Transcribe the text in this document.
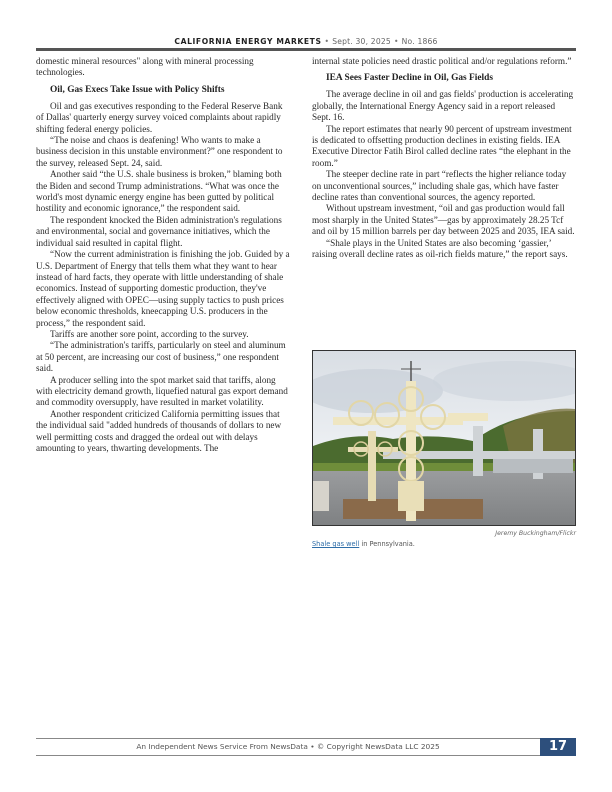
CALIFORNIA ENERGY MARKETS • Sept. 30, 2025 • No. 1866

domestic mineral resources" along with mineral processing technologies.

Oil, Gas Execs Take Issue with Policy Shifts

Oil and gas executives responding to the Federal Reserve Bank of Dallas' quarterly energy survey voiced complaints about rapidly shifting federal energy policies.

“The noise and chaos is deafening! Who wants to make a business decision in this unstable environment?” one respondent to the survey, released Sept. 24, said.

Another said “the U.S. shale business is broken,” blaming both the Biden and second Trump administrations. “What was once the world's most dynamic energy engine has been gutted by political hostility and economic ignorance,” the respondent said.

The respondent knocked the Biden administration's regulations and environmental, social and governance initiatives, which the individual said resulted in capital flight.

“Now the current administration is finishing the job. Guided by a U.S. Department of Energy that tells them what they want to hear instead of hard facts, they operate with little understanding of shale economics. Instead of supporting domestic production, they've effectively aligned with OPEC—using supply tactics to push prices below economic thresholds, kneecapping U.S. producers in the process,” the respondent said.

Tariffs are another sore point, according to the survey.

“The administration's tariffs, particularly on steel and aluminum at 50 percent, are increasing our cost of business,” one respondent said.

A producer selling into the spot market said that tariffs, along with electricity demand growth, liquefied natural gas export demand and commodity oversupply, have resulted in market volatility.

Another respondent criticized California permitting issues that the individual said "added hundreds of thousands of dollars to new well permitting costs and dragged the ordeal out with delays amounting to years, thwarting developments. The

internal state policies need drastic political and/or regulations reform.”

IEA Sees Faster Decline in Oil, Gas Fields

The average decline in oil and gas fields' production is accelerating globally, the International Energy Agency said in a report released Sept. 16.

The report estimates that nearly 90 percent of upstream investment is dedicated to offsetting production declines in existing fields. IEA Executive Director Fatih Birol called decline rates “the elephant in the room.”

The steeper decline rate in part “reflects the higher reliance today on unconventional sources,” including shale gas, which have faster decline rates than conventional sources, the agency reported.

Without upstream investment, “oil and gas production would fall most sharply in the United States”—gas by approximately 28.25 Tcf and oil by 15 million barrels per day between 2025 and 2035, IEA said.

“Shale plays in the United States are also becoming ‘gassier,’ raising overall decline rates as oil-rich fields mature,” the report says.

Jeremy Buckingham/Flickr
Shale gas well in Pennsylvania.
An Independent News Service From NewsData • © Copyright NewsData LLC 2025	17
